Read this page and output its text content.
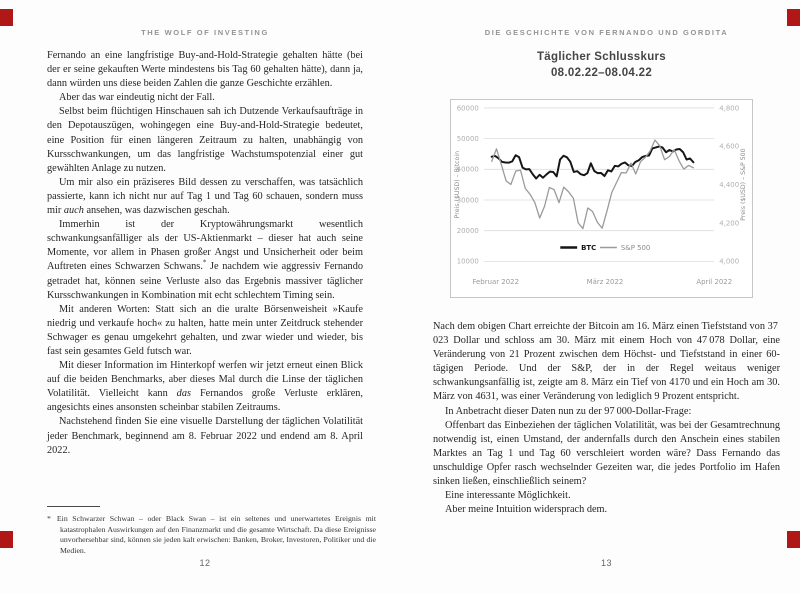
THE WOLF OF INVESTING

Fernando an eine langfristige Buy-and-Hold-Strategie gehalten hätte (bei der er seine gekauften Werte mindestens bis Tag 60 gehalten hätte), dann ja, dann würden uns diese beiden Zahlen die ganze Geschichte erzählen.

Aber das war eindeutig nicht der Fall.

Selbst beim flüchtigen Hinschauen sah ich Dutzende Verkaufsaufträge in den Depotauszügen, wohingegen eine Buy-and-Hold-Strategie bedeutet, eine Position für einen längeren Zeitraum zu halten, unabhängig von Kursschwankungen, um das langfristige Wachstumspotenzial einer gut gewählten Anlage zu nutzen.

Um mir also ein präziseres Bild dessen zu verschaffen, was tatsächlich passierte, kann ich nicht nur auf Tag 1 und Tag 60 schauen, sondern muss mir auch ansehen, was dazwischen geschah.

Immerhin ist der Kryptowährungsmarkt wesentlich schwankungsanfälliger als der US-Aktienmarkt – dieser hat auch seine Momente, vor allem in Phasen großer Angst und Unsicherheit oder beim Auftreten eines Schwarzen Schwans.* Je nachdem wie aggressiv Fernando getradet hat, können seine Verluste also das Ergebnis massiver täglicher Kursschwankungen in Kombination mit echt schlechtem Timing sein.

Mit anderen Worten: Statt sich an die uralte Börsenweisheit »Kaufe niedrig und verkaufe hoch« zu halten, hatte mein unter Zeitdruck stehender Schwager es genau umgekehrt gehalten, und zwar wieder und wieder, bis fast sein gesamtes Geld futsch war.

Mit dieser Information im Hinterkopf werfen wir jetzt erneut einen Blick auf die beiden Benchmarks, aber dieses Mal durch die Linse der täglichen Volatilität. Vielleicht kann das Fernandos große Verluste erklären, angesichts eines ansonsten scheinbar stabilen Zeitraums.

Nachstehend finden Sie eine visuelle Darstellung der täglichen Volatilität jeder Benchmark, beginnend am 8. Februar 2022 und endend am 8. April 2022.

* Ein Schwarzer Schwan – oder Black Swan – ist ein seltenes und unerwartetes Ereignis mit katastrophalen Auswirkungen auf den Finanzmarkt und die gesamte Wirtschaft. Da diese Ereignisse unvorhersehbar sind, können sie jeden kalt erwischen: Banken, Broker, Investoren, Politiker und die Medien.
12
DIE GESCHICHTE VON FERNANDO UND GORDITA
Täglicher Schlusskurs
08.02.22–08.04.22
60000
50000
40000
30000
20000
10000
4,800
4,600
4,400
4,200
4,000
Februar 2022	März 2022	April 2022
Preis ($USD) – Bitcoin	Preis ($USD) – S&P 500
BTC	S&P 500

Nach dem obigen Chart erreichte der Bitcoin am 16. März einen Tiefststand von 37 023 Dollar und schloss am 30. März mit einem Hoch von 47 078 Dollar, eine Veränderung von 21 Prozent zwischen dem Höchst- und Tiefststand in einer 60-tägigen Periode. Und der S&P, der in der Regel weitaus weniger schwankungsanfällig ist, zeigte am 8. März ein Tief von 4170 und ein Hoch am 30. März von 4631, was einer Veränderung von lediglich 9 Prozent entspricht.

In Anbetracht dieser Daten nun zu der 97 000-Dollar-Frage:

Offenbart das Einbeziehen der täglichen Volatilität, was bei der Gesamtrechnung notwendig ist, einen Umstand, der andernfalls durch den Anschein eines stabilen Marktes an Tag 1 und Tag 60 verschleiert worden wäre? Dass Fernando das unschuldige Opfer rasch wechselnder Gezeiten war, die jedes Portfolio im Hafen sinken ließen, einschließlich seinem?

Eine interessante Möglichkeit.

Aber meine Intuition widersprach dem.

13
